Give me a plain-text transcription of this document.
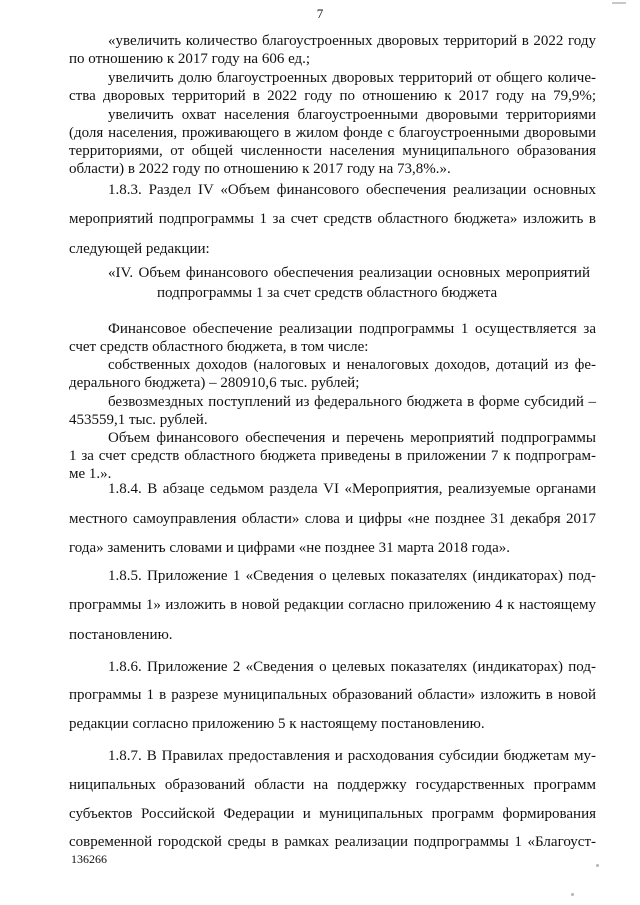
7
«увеличить количество благоустроенных дворовых территорий в 2022 году
по отношению к 2017 году на 606 ед.;
увеличить долю благоустроенных дворовых территорий от общего количе-
ства дворовых территорий в 2022 году по отношению к 2017 году на 79,9%;
увеличить охват населения благоустроенными дворовыми территориями
(доля населения, проживающего в жилом фонде с благоустроенными дворовыми
территориями, от общей численности населения муниципального образования
области) в 2022 году по отношению к 2017 году на 73,8%.».
1.8.3. Раздел IV «Объем финансового обеспечения реализации основных
мероприятий подпрограммы 1 за счет средств областного бюджета» изложить в
следующей редакции:
«IV. Объем финансового обеспечения реализации основных мероприятий
подпрограммы 1 за счет средств областного бюджета
Финансовое обеспечение реализации подпрограммы 1 осуществляется за
счет средств областного бюджета, в том числе:
собственных доходов (налоговых и неналоговых доходов, дотаций из фе-
дерального бюджета) – 280910,6 тыс. рублей;
безвозмездных поступлений из федерального бюджета в форме субсидий –
453559,1 тыс. рублей.
Объем финансового обеспечения и перечень мероприятий подпрограммы
1 за счет средств областного бюджета приведены в приложении 7 к подпрограм-
ме 1.».
1.8.4. В абзаце седьмом раздела VI «Мероприятия, реализуемые органами
местного самоуправления области» слова и цифры «не позднее 31 декабря 2017
года» заменить словами и цифрами «не позднее 31 марта 2018 года».
1.8.5. Приложение 1 «Сведения о целевых показателях (индикаторах) под-
программы 1» изложить в новой редакции согласно приложению 4 к настоящему
постановлению.
1.8.6. Приложение 2 «Сведения о целевых показателях (индикаторах) под-
программы 1 в разрезе муниципальных образований области» изложить в новой
редакции согласно приложению 5 к настоящему постановлению.
1.8.7. В Правилах предоставления и расходования субсидии бюджетам му-
ниципальных образований области на поддержку государственных программ
субъектов Российской Федерации и муниципальных программ формирования
современной городской среды в рамках реализации подпрограммы 1 «Благоуст-
136266
